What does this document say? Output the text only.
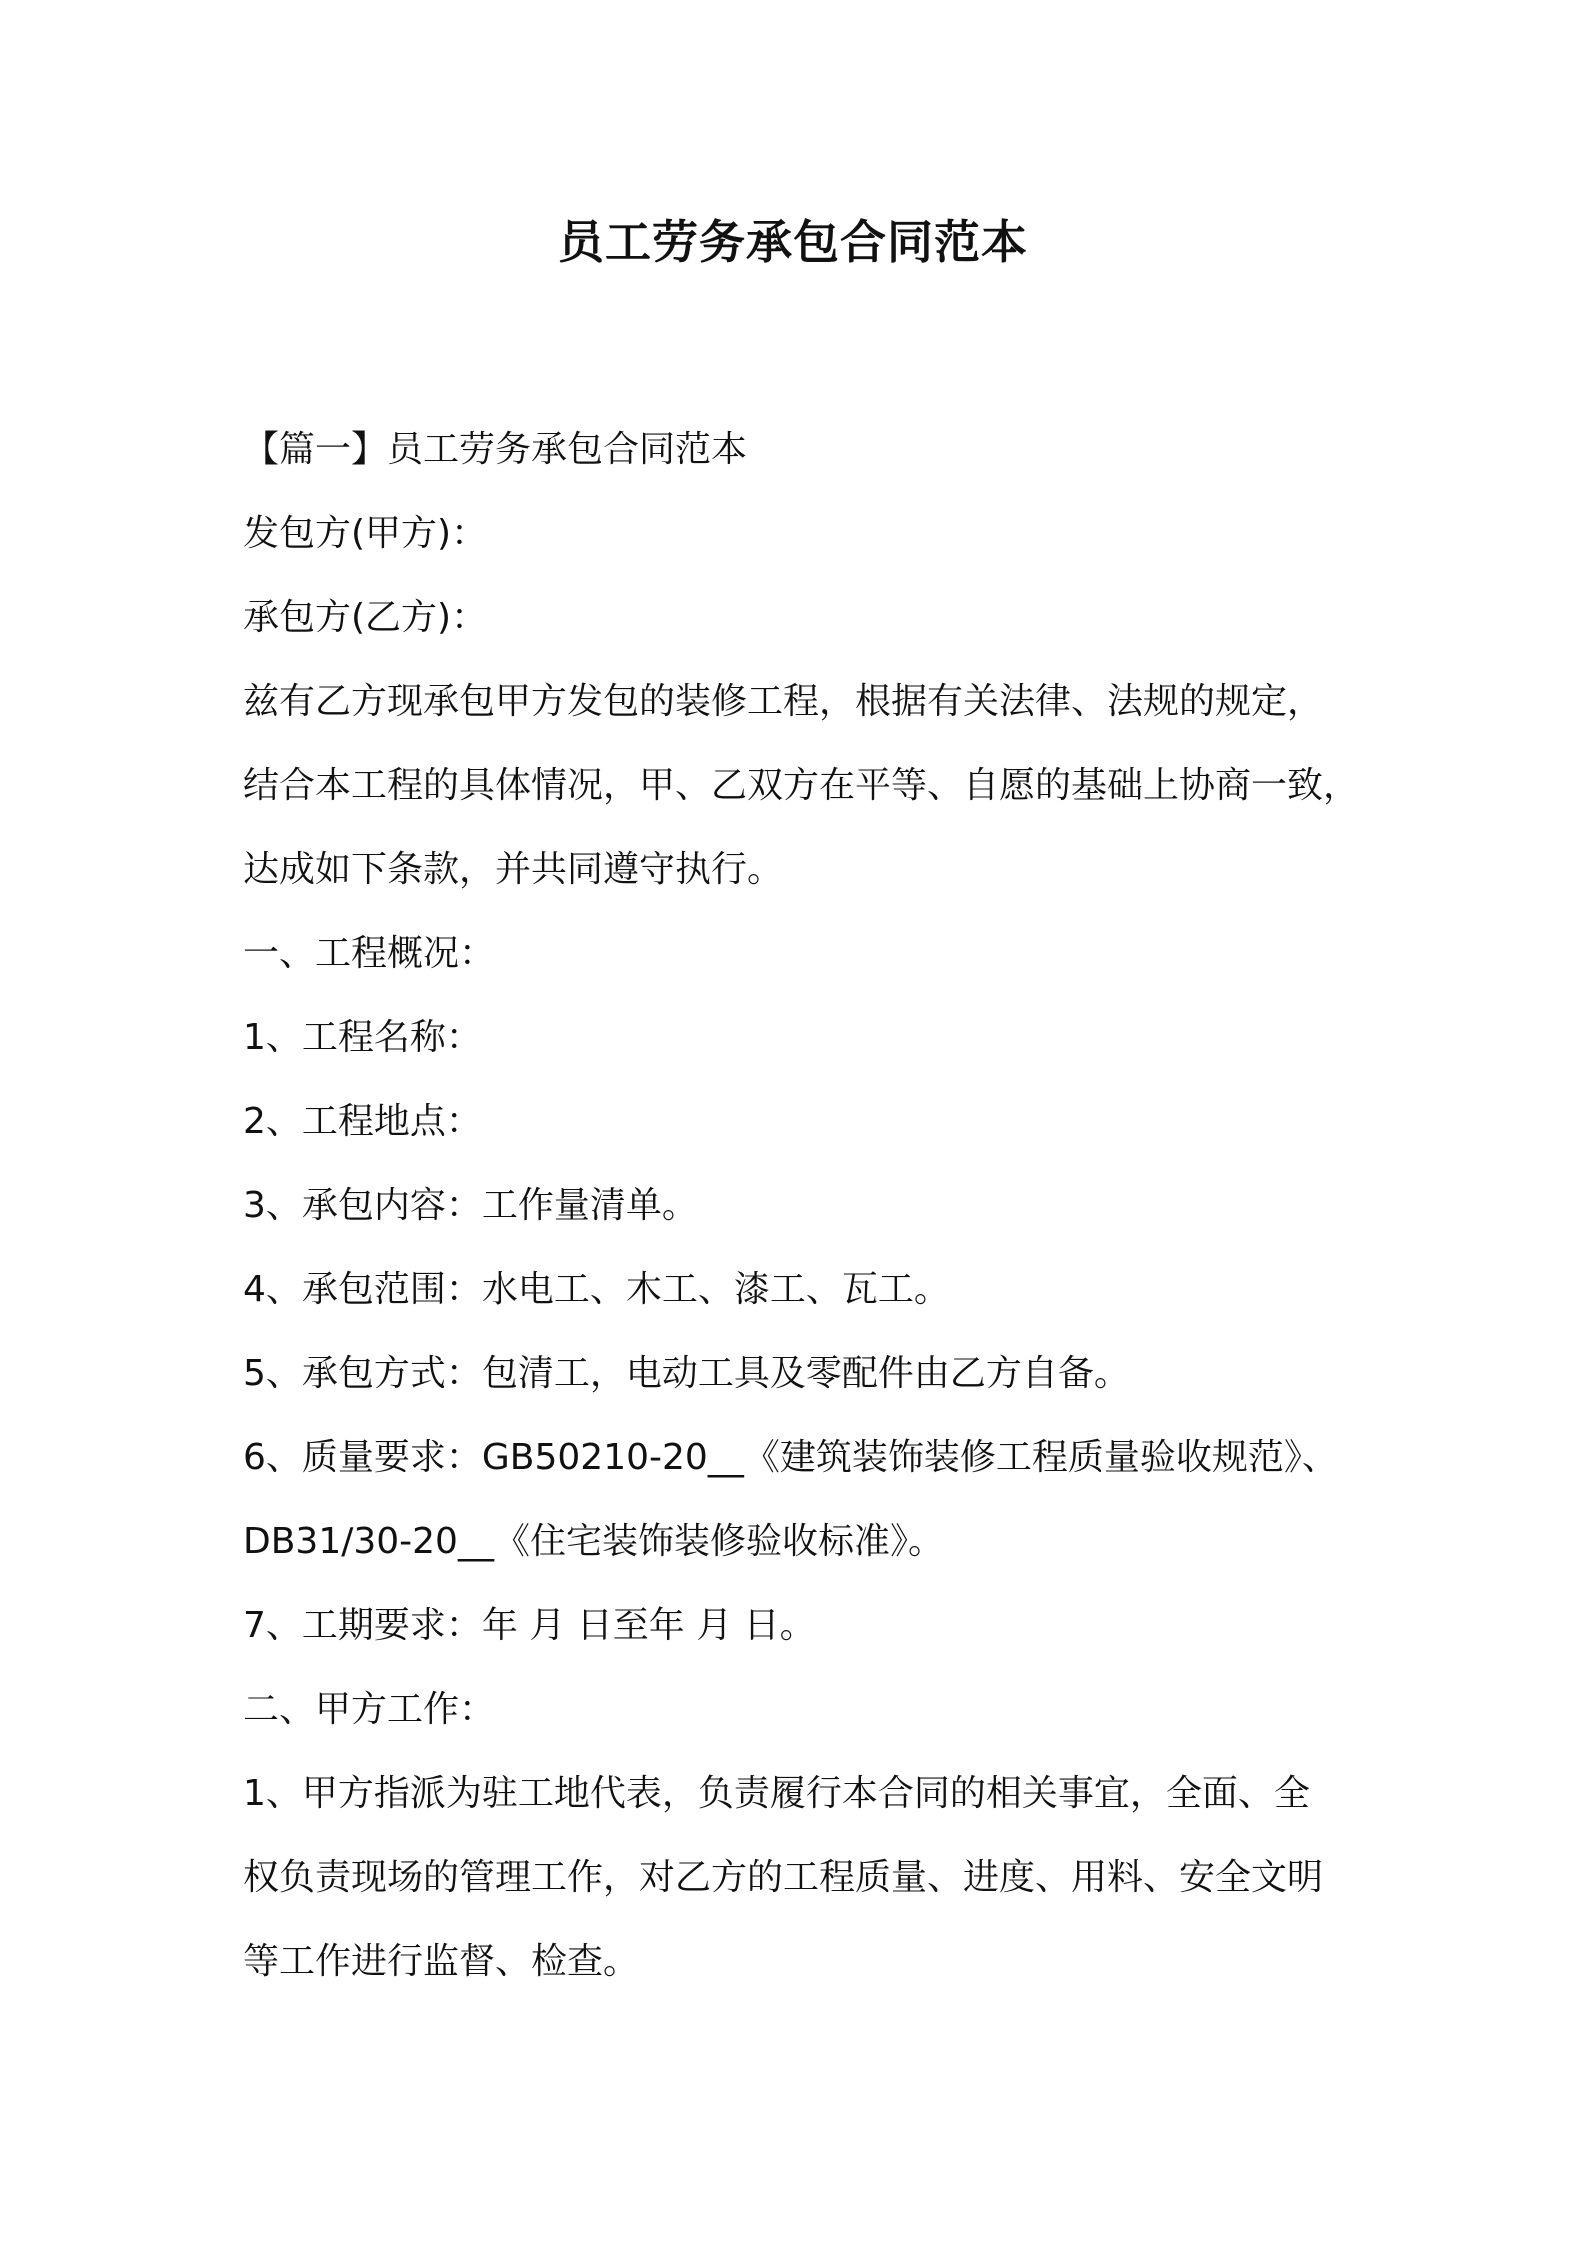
员工劳务承包合同范本
【篇一】员工劳务承包合同范本
发包方(甲方)：
承包方(乙方)：
兹有乙方现承包甲方发包的装修工程，根据有关法律、法规的规定，
结合本工程的具体情况，甲、乙双方在平等、自愿的基础上协商一致，
达成如下条款，并共同遵守执行。
一、工程概况：
1、工程名称：
2、工程地点：
3、承包内容：工作量清单。
4、承包范围：水电工、木工、漆工、瓦工。
5、承包方式：包清工，电动工具及零配件由乙方自备。
6、质量要求：GB50210-20__《建筑装饰装修工程质量验收规范》、
DB31/30-20__《住宅装饰装修验收标准》。
7、工期要求：年 月 日至年 月 日。
二、甲方工作：
1、甲方指派为驻工地代表，负责履行本合同的相关事宜，全面、全
权负责现场的管理工作，对乙方的工程质量、进度、用料、安全文明
等工作进行监督、检查。
